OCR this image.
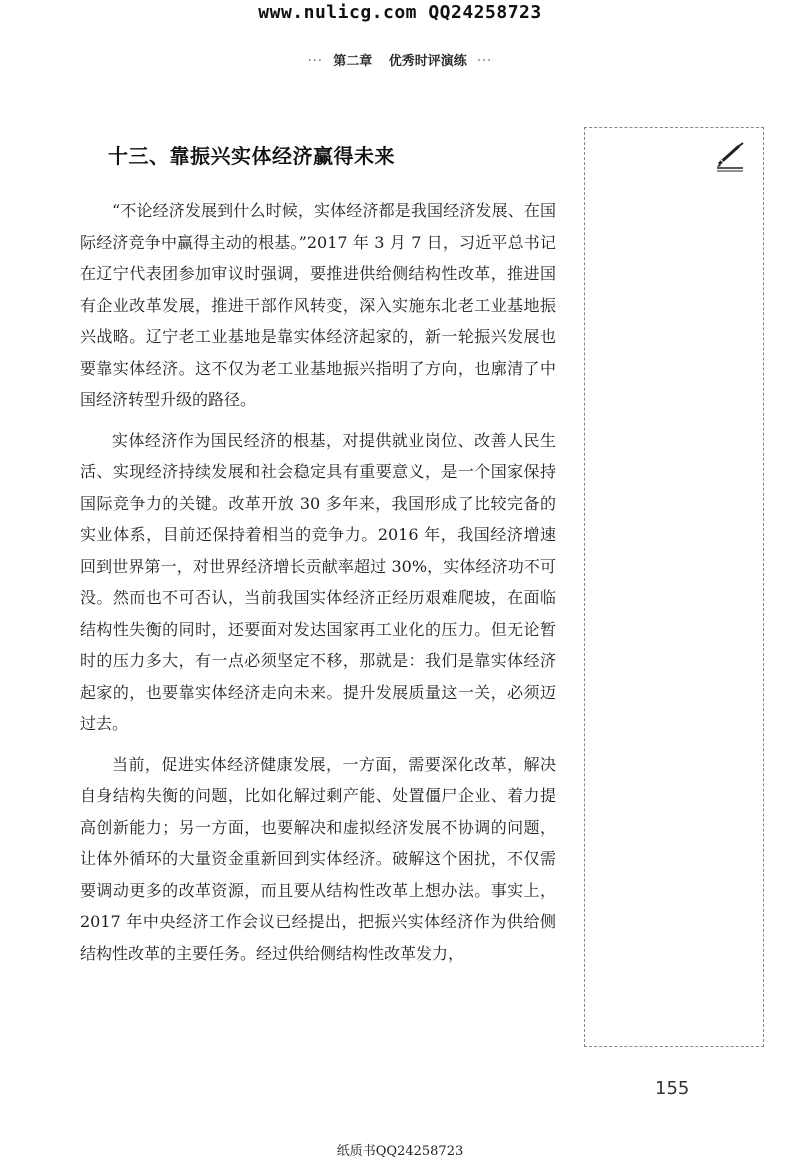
www.nulicg.com QQ24258723
··· 第二章 优秀时评演练 ···
十三、靠振兴实体经济赢得未来

“不论经济发展到什么时候，实体经济都是我国经济发展、在国际经济竞争中赢得主动的根基。”2017 年 3 月 7 日，习近平总书记在辽宁代表团参加审议时强调，要推进供给侧结构性改革，推进国有企业改革发展，推进干部作风转变，深入实施东北老工业基地振兴战略。辽宁老工业基地是靠实体经济起家的，新一轮振兴发展也要靠实体经济。这不仅为老工业基地振兴指明了方向，也廓清了中国经济转型升级的路径。

实体经济作为国民经济的根基，对提供就业岗位、改善人民生活、实现经济持续发展和社会稳定具有重要意义，是一个国家保持国际竞争力的关键。改革开放 30 多年来，我国形成了比较完备的实业体系，目前还保持着相当的竞争力。2016 年，我国经济增速回到世界第一，对世界经济增长贡献率超过 30%，实体经济功不可没。然而也不可否认，当前我国实体经济正经历艰难爬坡，在面临结构性失衡的同时，还要面对发达国家再工业化的压力。但无论暂时的压力多大，有一点必须坚定不移，那就是：我们是靠实体经济起家的，也要靠实体经济走向未来。提升发展质量这一关，必须迈过去。

当前，促进实体经济健康发展，一方面，需要深化改革，解决自身结构失衡的问题，比如化解过剩产能、处置僵尸企业、着力提高创新能力；另一方面，也要解决和虚拟经济发展不协调的问题，让体外循环的大量资金重新回到实体经济。破解这个困扰，不仅需要调动更多的改革资源，而且要从结构性改革上想办法。事实上，2017 年中央经济工作会议已经提出，把振兴实体经济作为供给侧结构性改革的主要任务。经过供给侧结构性改革发力，

155
纸质书QQ24258723
